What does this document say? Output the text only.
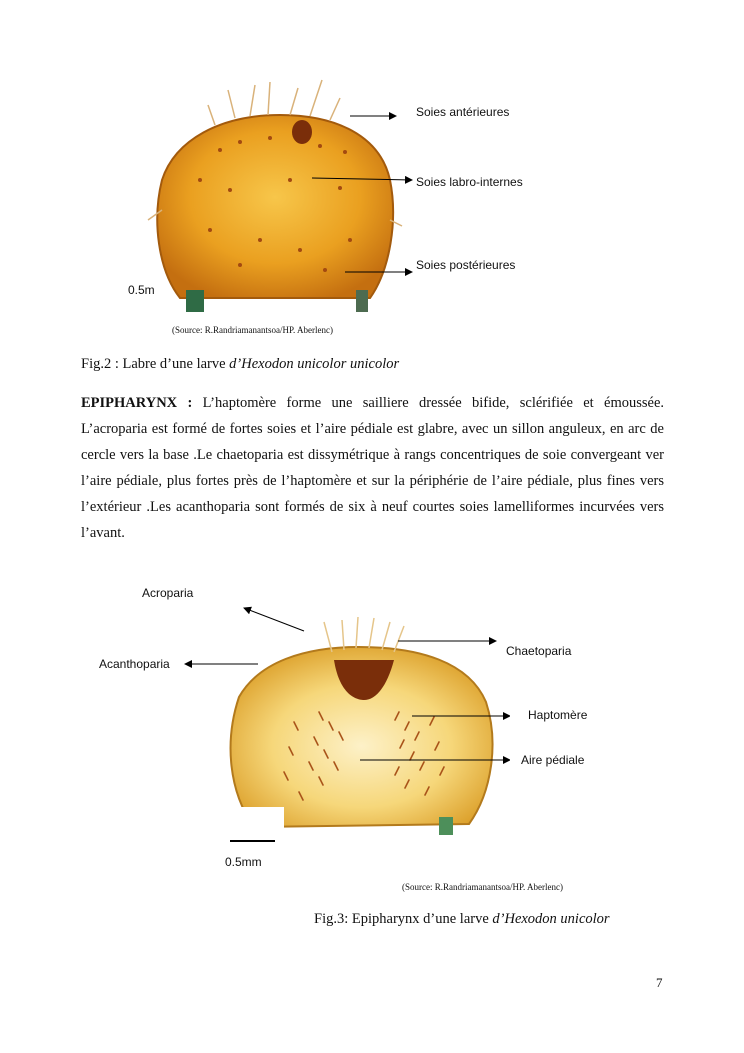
Soies antérieures
Soies labro-internes
Soies postérieures
0.5m
(Source: R.Randriamanantsoa/HP. Aberlenc)
Fig.2 : Labre d’une larve d’Hexodon unicolor unicolor

EPIPHARYNX : L’haptomère forme une sailliere dressée bifide, sclérifiée et émoussée. L’acroparia est formé de fortes soies et l’aire pédiale est glabre, avec un sillon anguleux, en arc de cercle vers la base .Le chaetoparia est dissymétrique à rangs concentriques de soie convergeant ver l’aire pédiale, plus fortes près de l’haptomère et sur la périphérie de l’aire pédiale, plus fines vers l’extérieur .Les acanthoparia sont formés de six à neuf courtes soies lamelliformes incurvées vers l’avant.

Acroparia
Acanthoparia
Chaetoparia
Haptomère
Aire pédiale
0.5mm
(Source: R.Randriamanantsoa/HP. Aberlenc)
Fig.3: Epipharynx d’une larve d’Hexodon unicolor
7
